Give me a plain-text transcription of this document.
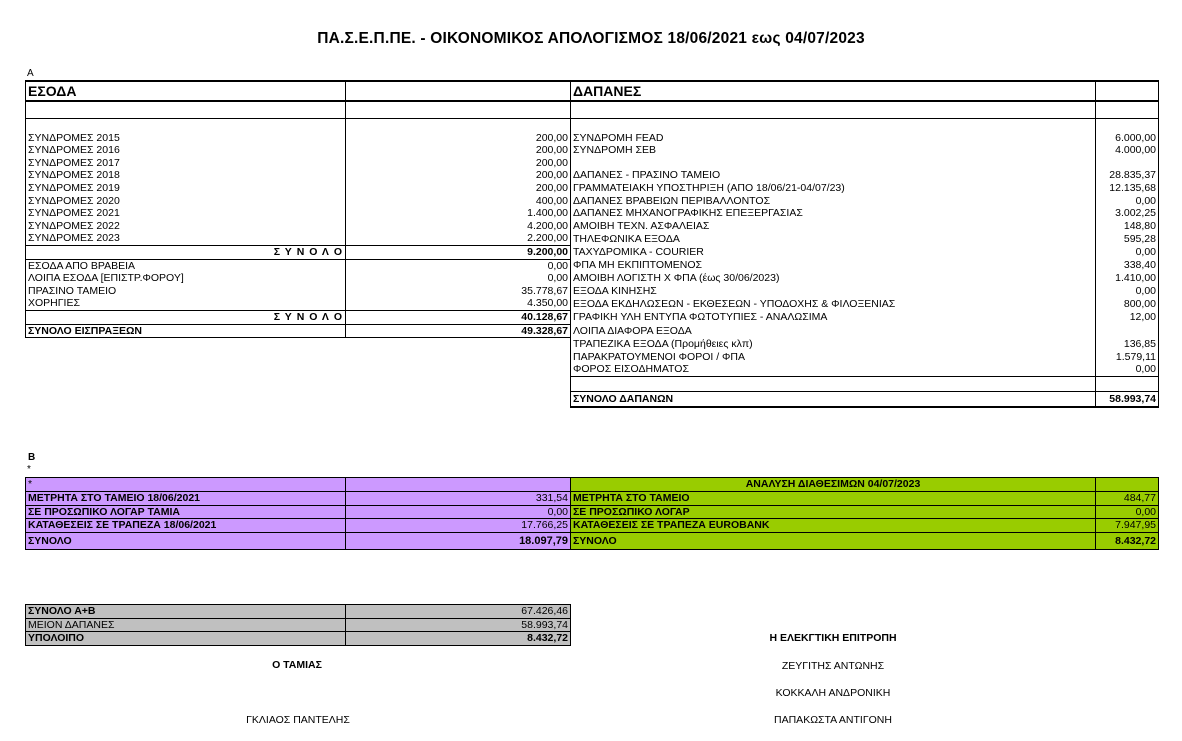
ΠΑ.Σ.Ε.Π.ΠΕ. - ΟΙΚΟΝΟΜΙΚΟΣ ΑΠΟΛΟΓΙΣΜΟΣ 18/06/2021 εως 04/07/2023
A
ΕΣΟΔΑ		ΔΑΠΑΝΕΣ	

ΣΥΝΔΡΟΜΕΣ 2015	200,00	ΣΥΝΔΡΟΜΗ FEAD	6.000,00
ΣΥΝΔΡΟΜΕΣ 2016	200,00	ΣΥΝΔΡΟΜΗ ΣΕΒ	4.000,00
ΣΥΝΔΡΟΜΕΣ 2017	200,00		
ΣΥΝΔΡΟΜΕΣ 2018	200,00	ΔΑΠΑΝΕΣ - ΠΡΑΣΙΝΟ ΤΑΜΕΙΟ	28.835,37
ΣΥΝΔΡΟΜΕΣ 2019	200,00	ΓΡΑΜΜΑΤΕΙΑΚΗ ΥΠΟΣΤΗΡΙΞΗ (ΑΠΟ 18/06/21-04/07/23)	12.135,68
ΣΥΝΔΡΟΜΕΣ 2020	400,00	ΔΑΠΑΝΕΣ ΒΡΑΒΕΙΩΝ ΠΕΡΙΒΑΛΛΟΝΤΟΣ	0,00
ΣΥΝΔΡΟΜΕΣ 2021	1.400,00	ΔΑΠΑΝΕΣ ΜΗΧΑΝΟΓΡΑΦΙΚΗΣ ΕΠΕΞΕΡΓΑΣΙΑΣ	3.002,25
ΣΥΝΔΡΟΜΕΣ 2022	4.200,00	ΑΜΟΙΒΗ ΤΕΧΝ. ΑΣΦΑΛΕΙΑΣ	148,80
ΣΥΝΔΡΟΜΕΣ 2023	2.200,00	ΤΗΛΕΦΩΝΙΚΑ ΕΞΟΔΑ	595,28
Σ Υ Ν Ο Λ Ο	9.200,00	ΤΑΧΥΔΡΟΜΙΚΑ - COURIER	0,00
ΕΣΟΔΑ ΑΠΟ ΒΡΑΒΕΙΑ	0,00	ΦΠΑ ΜΗ ΕΚΠΙΠΤΟΜΕΝΟΣ	338,40
ΛΟΙΠΑ ΕΣΟΔΑ [ΕΠΙΣΤΡ.ΦΟΡΟΥ]	0,00	ΑΜΟΙΒΗ ΛΟΓΙΣΤΗ Χ ΦΠΑ (έως 30/06/2023)	1.410,00
ΠΡΑΣΙΝΟ ΤΑΜΕΙΟ	35.778,67	ΕΞΟΔΑ ΚΙΝΗΣΗΣ	0,00
ΧΟΡΗΓΙΕΣ	4.350,00	ΕΞΟΔΑ ΕΚΔΗΛΩΣΕΩΝ - ΕΚΘΕΣΕΩΝ - ΥΠΟΔΟΧΗΣ & ΦΙΛΟΞΕΝΙΑΣ	800,00
Σ Υ Ν Ο Λ Ο	40.128,67	ΓΡΑΦΙΚΗ ΥΛΗ ΕΝΤΥΠΑ ΦΩΤΟΤΥΠΙΕΣ - ΑΝΑΛΩΣΙΜΑ	12,00
ΣΥΝΟΛΟ ΕΙΣΠΡΑΞΕΩΝ	49.328,67	ΛΟΙΠΑ ΔΙΑΦΟΡΑ ΕΞΟΔΑ	
		ΤΡΑΠΕΖΙΚΑ ΕΞΟΔΑ (Προμήθειες κλπ)	136,85
		ΠΑΡΑΚΡΑΤΟΥΜΕΝΟΙ ΦΟΡΟΙ / ΦΠΑ	1.579,11
		ΦΟΡΟΣ ΕΙΣΟΔΗΜΑΤΟΣ	0,00

		ΣΥΝΟΛΟ ΔΑΠΑΝΩΝ	58.993,74
B
*
*		ΑΝΑΛΥΣΗ ΔΙΑΘΕΣΙΜΩΝ 04/07/2023	
ΜΕΤΡΗΤΑ ΣΤΟ ΤΑΜΕΙΟ 18/06/2021	331,54	ΜΕΤΡΗΤΑ ΣΤΟ ΤΑΜΕΙΟ	484,77
ΣΕ ΠΡΟΣΩΠΙΚΟ ΛΟΓΑΡ ΤΑΜΙΑ	0,00	ΣΕ ΠΡΟΣΩΠΙΚΟ ΛΟΓΑΡ	0,00
ΚΑΤΑΘΕΣΕΙΣ ΣΕ ΤΡΑΠΕΖΑ 18/06/2021	17.766,25	ΚΑΤΑΘΕΣΕΙΣ ΣΕ ΤΡΑΠΕΖΑ EUROBANK	7.947,95
ΣΥΝΟΛΟ	18.097,79	ΣΥΝΟΛΟ	8.432,72
ΣΥΝΟΛΟ Α+Β	67.426,46
ΜΕΙΟΝ ΔΑΠΑΝΕΣ	58.993,74
ΥΠΟΛΟΙΠΟ	8.432,72
Ο ΤΑΜΙΑΣ
ΓΚΛΙΑΟΣ ΠΑΝΤΕΛΗΣ
Η ΕΛΕΚΓΤΙΚΗ ΕΠΙΤΡΟΠΗ
ΖΕΥΓΙΤΗΣ ΑΝΤΩΝΗΣ
ΚΟΚΚΑΛΗ ΑΝΔΡΟΝΙΚΗ
ΠΑΠΑΚΩΣΤΑ ΑΝΤΙΓΟΝΗ
